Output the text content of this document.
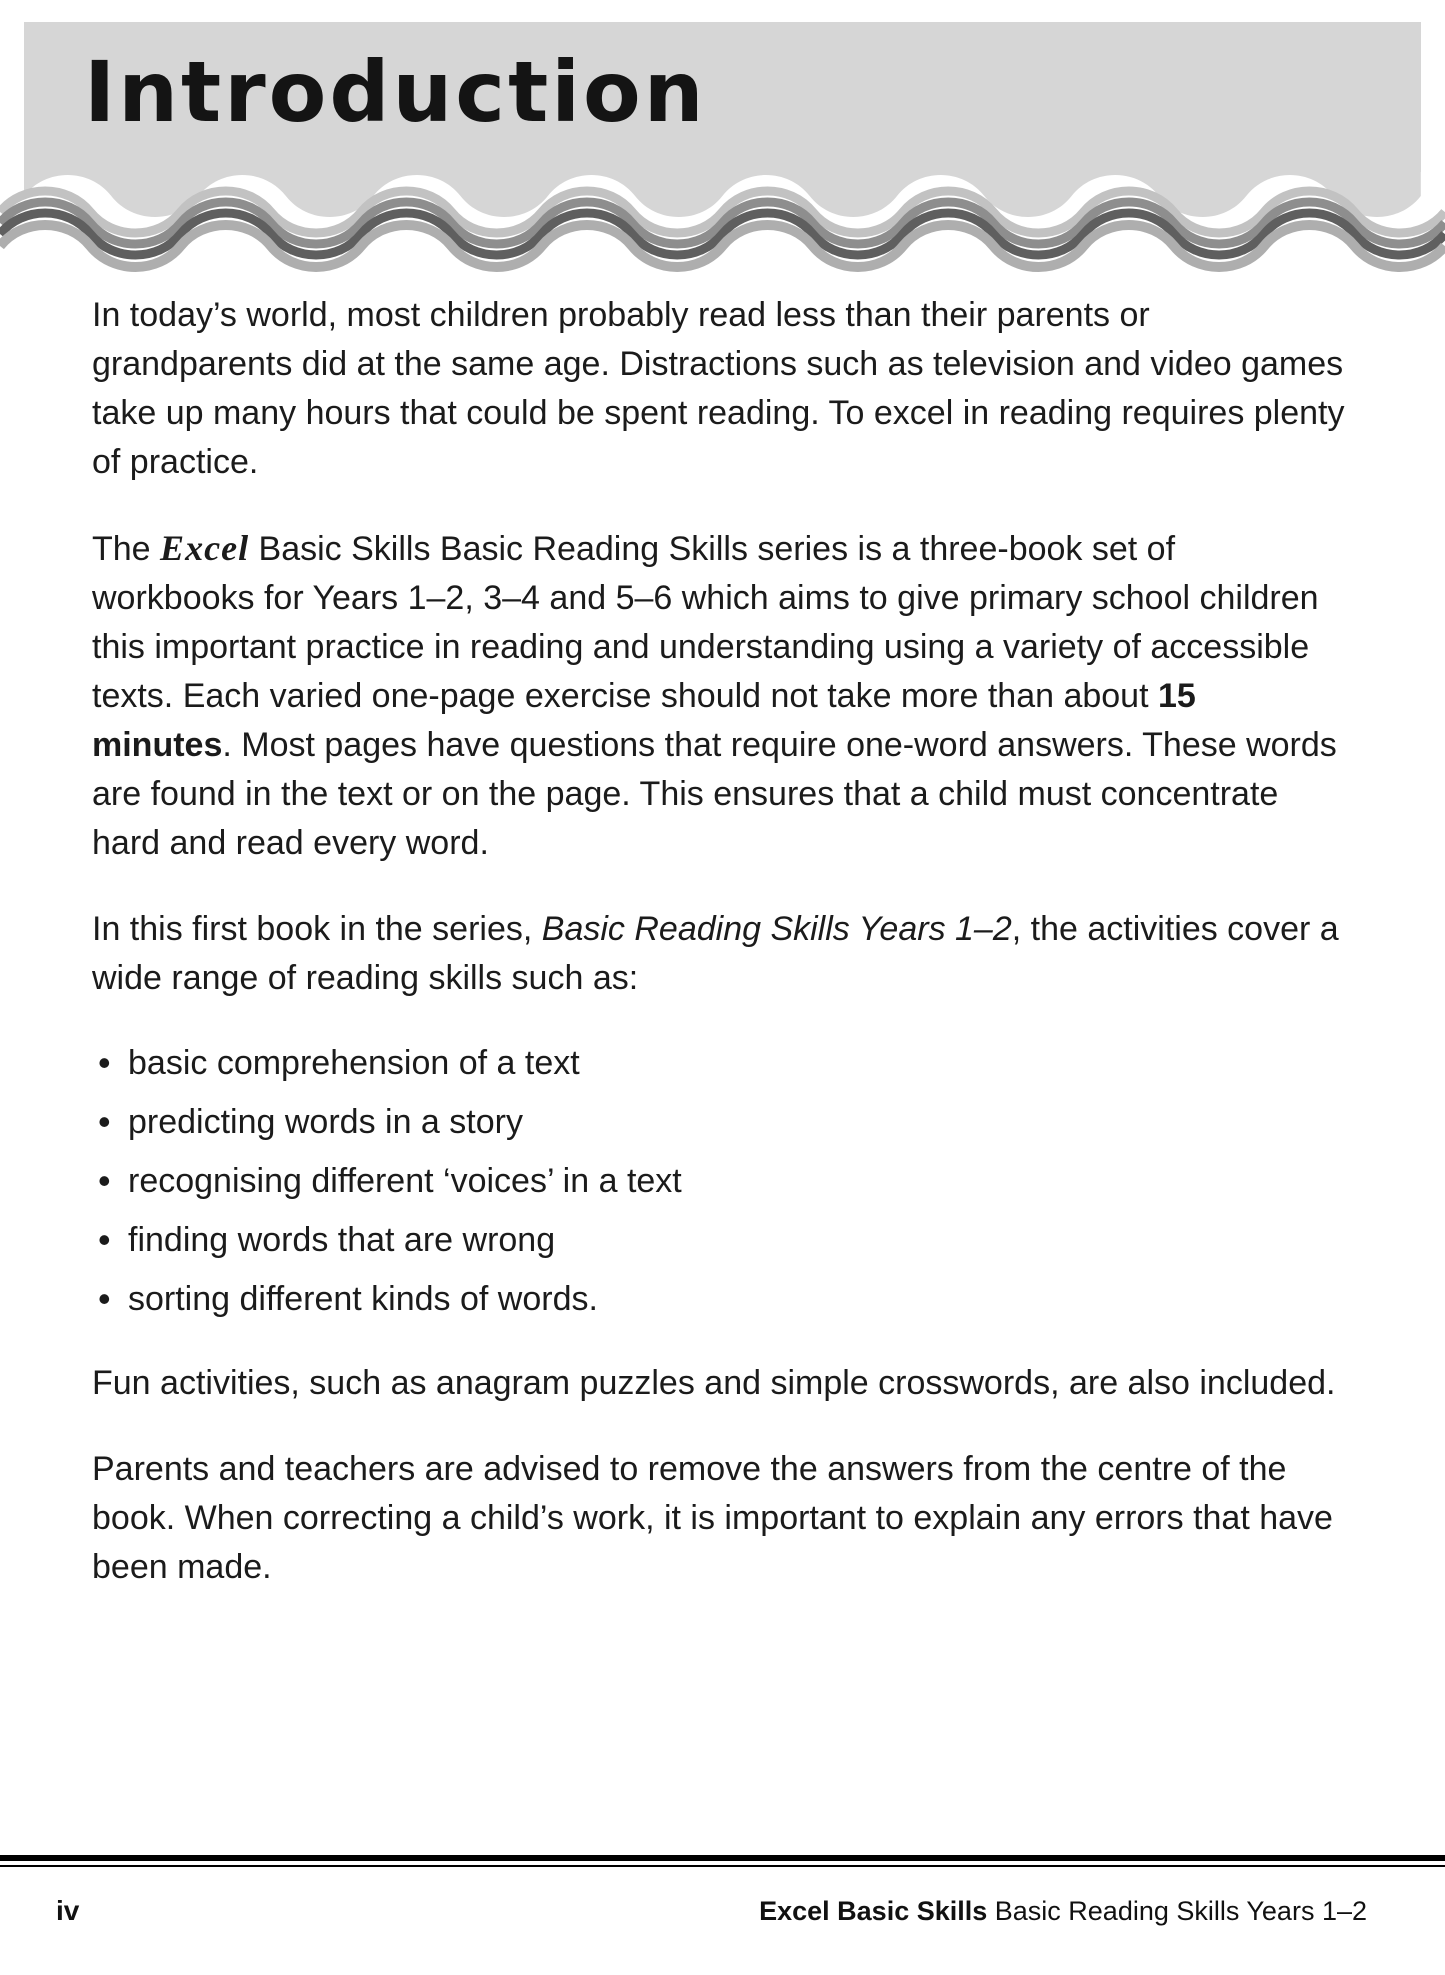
Introduction

In today’s world, most children probably read less than their parents or grandparents did at the same age. Distractions such as television and video games take up many hours that could be spent reading. To excel in reading requires plenty of practice.

The Excel Basic Skills Basic Reading Skills series is a three-book set of workbooks for Years 1–2, 3–4 and 5–6 which aims to give primary school children this important practice in reading and understanding using a variety of accessible texts. Each varied one-page exercise should not take more than about 15 minutes. Most pages have questions that require one-word answers. These words are found in the text or on the page. This ensures that a child must concentrate hard and read every word.

In this first book in the series, Basic Reading Skills Years 1–2, the activities cover a wide range of reading skills such as:

• basic comprehension of a text
• predicting words in a story
• recognising different ‘voices’ in a text
• finding words that are wrong
• sorting different kinds of words.

Fun activities, such as anagram puzzles and simple crosswords, are also included.

Parents and teachers are advised to remove the answers from the centre of the book. When correcting a child’s work, it is important to explain any errors that have been made.

iv	Excel Basic Skills Basic Reading Skills Years 1–2
